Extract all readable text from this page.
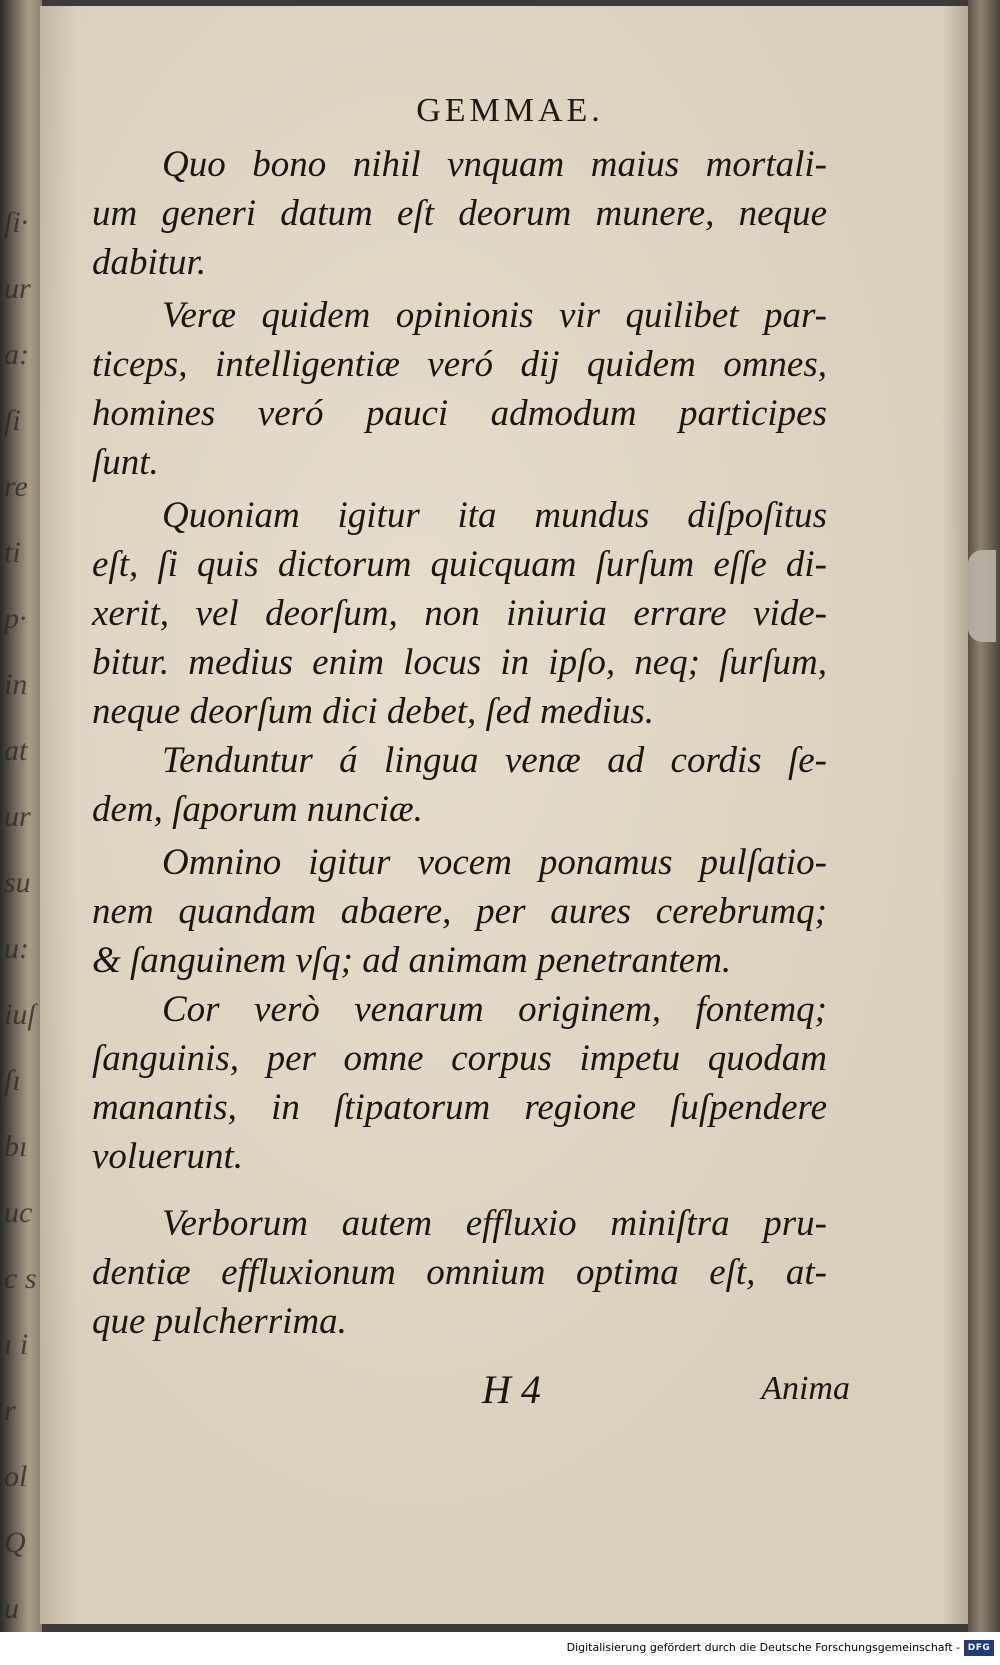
ſi· ur a: ſi re ti p· in at ur su u: iuſ ſı bı uc c sı ir ol Qu
GEMMAE.
Quo bono nihil vnquam maius mortali-
um generi datum eſt deorum munere, neque
dabitur.
Veræ quidem opinionis vir quilibet par-
ticeps, intelligentiæ veró dij quidem omnes,
homines veró pauci admodum participes
ſunt.
Quoniam igitur ita mundus diſpoſitus
eſt, ſi quis dictorum quicquam ſurſum eſſe di-
xerit, vel deorſum, non iniuria errare vide-
bitur. medius enim locus in ipſo, neq; ſurſum,
neque deorſum dici debet, ſed medius.
Tenduntur á lingua venæ ad cordis ſe-
dem, ſaporum nunciæ.
Omnino igitur vocem ponamus pulſatio-
nem quandam abaere, per aures cerebrumq;
& ſanguinem vſq; ad animam penetrantem.
Cor verò venarum originem, fontemq;
ſanguinis, per omne corpus impetu quodam
manantis, in ſtipatorum regione ſuſpendere
voluerunt.
Verborum autem effluxio miniſtra pru-
dentiæ effluxionum omnium optima eſt, at-
que pulcherrima.
H 4	Anima
Digitalisierung gefördert durch die Deutsche Forschungsgemeinschaft - DFG
